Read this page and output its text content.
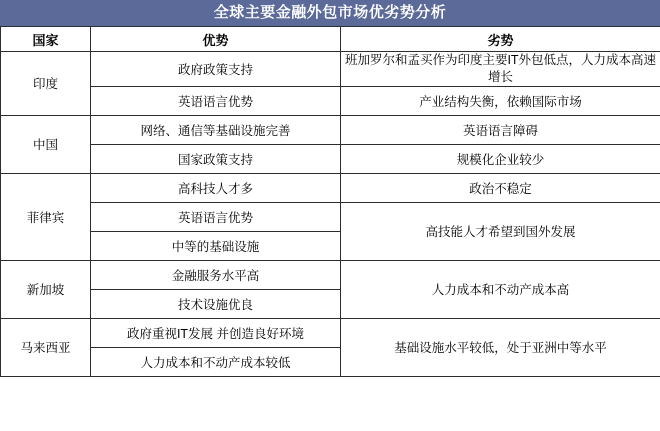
全球主要金融外包市场优劣势分析
国家	优势	劣势
印度	政府政策支持	班加罗尔和孟买作为印度主要IT外包低点，人力成本高速增长
	英语语言优势	产业结构失衡，依赖国际市场
中国	网络、通信等基础设施完善	英语语言障碍
	国家政策支持	规模化企业较少
菲律宾	高科技人才多	政治不稳定
	英语语言优势	高技能人才希望到国外发展
	中等的基础设施	
新加坡	金融服务水平高	人力成本和不动产成本高
	技术设施优良	
马来西亚	政府重视IT发展 并创造良好环境	基础设施水平较低，处于亚洲中等水平
	人力成本和不动产成本较低	
